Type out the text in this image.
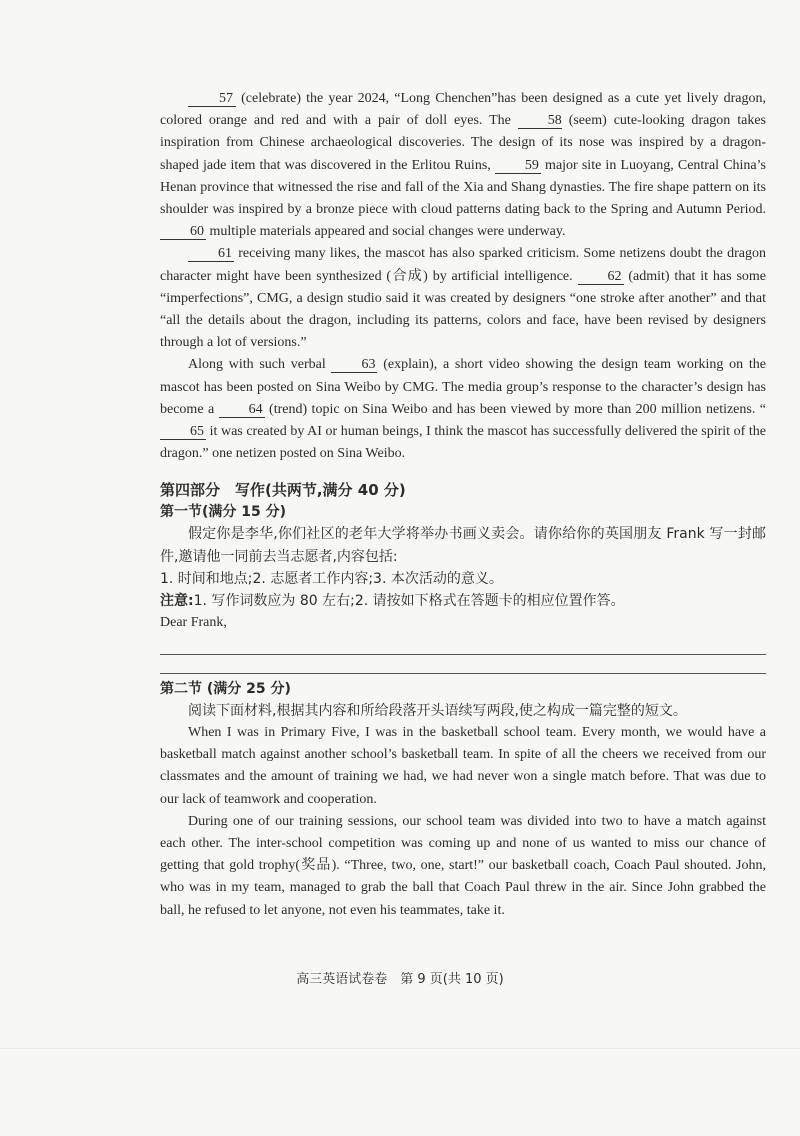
57 (celebrate) the year 2024, “Long Chenchen”has been designed as a cute yet lively dragon, colored orange and red and with a pair of doll eyes. The 58 (seem) cute-looking dragon takes inspiration from Chinese archaeological discoveries. The design of its nose was inspired by a dragon-shaped jade item that was discovered in the Erlitou Ruins, 59 major site in Luoyang, Central China’s Henan province that witnessed the rise and fall of the Xia and Shang dynasties. The fire shape pattern on its shoulder was inspired by a bronze piece with cloud patterns dating back to the Spring and Autumn Period. 60 multiple materials appeared and social changes were underway.

61 receiving many likes, the mascot has also sparked criticism. Some netizens doubt the dragon character might have been synthesized (合成) by artificial intelligence. 62 (admit) that it has some “imperfections”, CMG, a design studio said it was created by designers “one stroke after another” and that “all the details about the dragon, including its patterns, colors and face, have been revised by designers through a lot of versions.”

Along with such verbal 63 (explain), a short video showing the design team working on the mascot has been posted on Sina Weibo by CMG. The media group’s response to the character’s design has become a 64 (trend) topic on Sina Weibo and has been viewed by more than 200 million netizens. “ 65 it was created by AI or human beings, I think the mascot has successfully delivered the spirit of the dragon.” one netizen posted on Sina Weibo.

第四部分　写作(共两节,满分 40 分)

第一节(满分 15 分)

假定你是李华,你们社区的老年大学将举办书画义卖会。请你给你的英国朋友 Frank 写一封邮件,邀请他一同前去当志愿者,内容包括:

1. 时间和地点;2. 志愿者工作内容;3. 本次活动的意义。

注意:1. 写作词数应为 80 左右;2. 请按如下格式在答题卡的相应位置作答。

Dear Frank,

第二节 (满分 25 分)

阅读下面材料,根据其内容和所给段落开头语续写两段,使之构成一篇完整的短文。

When I was in Primary Five, I was in the basketball school team. Every month, we would have a basketball match against another school’s basketball team. In spite of all the cheers we received from our classmates and the amount of training we had, we had never won a single match before. That was due to our lack of teamwork and cooperation.

During one of our training sessions, our school team was divided into two to have a match against each other. The inter-school competition was coming up and none of us wanted to miss our chance of getting that gold trophy(奖品). “Three, two, one, start!” our basketball coach, Coach Paul shouted. John, who was in my team, managed to grab the ball that Coach Paul threw in the air. Since John grabbed the ball, he refused to let anyone, not even his teammates, take it.

高三英语试卷卷　第 9 页(共 10 页)
